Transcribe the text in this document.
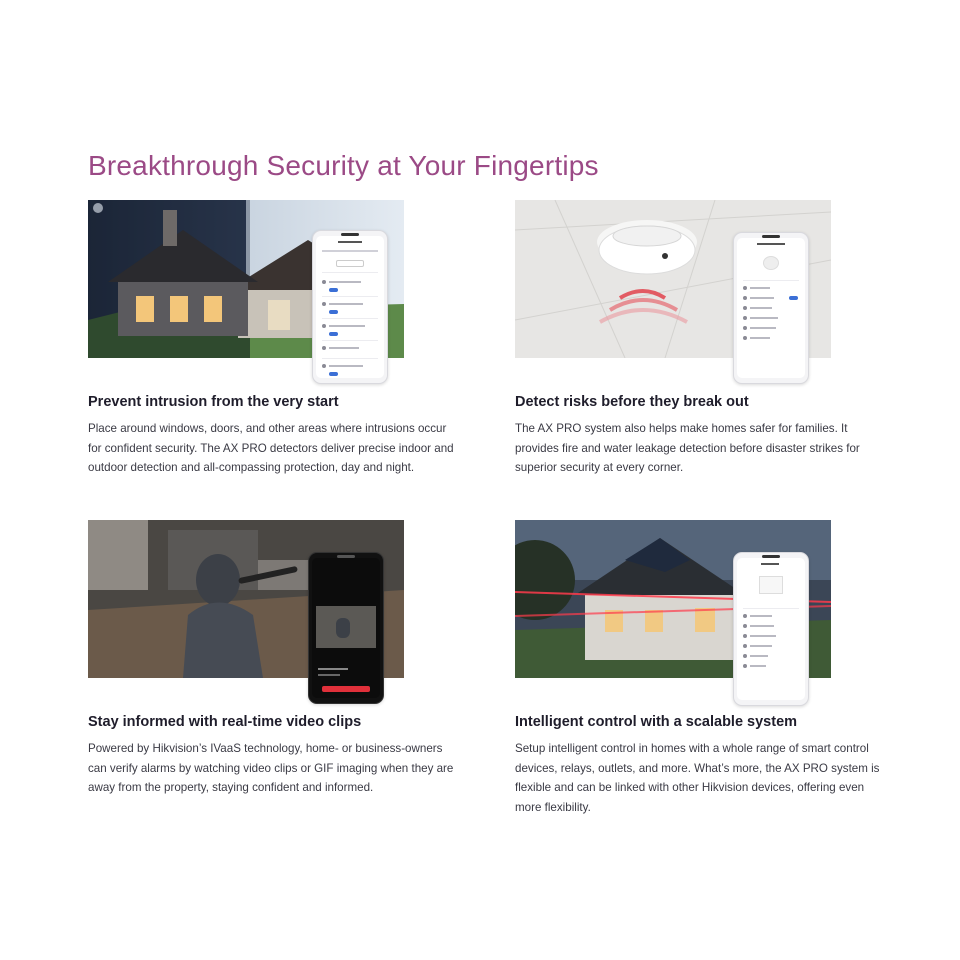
Breakthrough Security at Your Fingertips
Prevent intrusion from the very start

Place around windows, doors, and other areas where intrusions occur for confident security. The AX PRO detectors deliver precise indoor and outdoor detection and all-compassing protection, day and night.

Detect risks before they break out

The AX PRO system also helps make homes safer for families. It provides fire and water leakage detection before disaster strikes for superior security at every corner.

Stay informed with real-time video clips

Powered by Hikvision’s IVaaS technology, home- or business-owners can verify alarms by watching video clips or GIF imaging when they are away from the property, staying confident and informed.

Intelligent control with a scalable system

Setup intelligent control in homes with a whole range of smart control devices, relays, outlets, and more. What’s more, the AX PRO system is flexible and can be linked with other Hikvision devices, offering even more flexibility.
